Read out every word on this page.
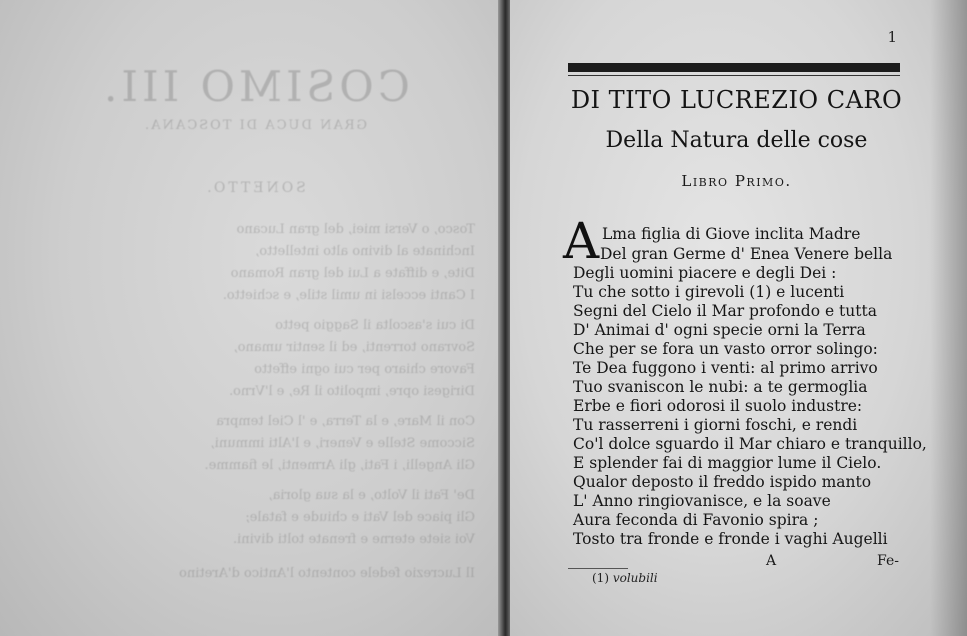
COSIMO III.
GRAN DUCA DI TOSCANA.
SONETTO.
Tosco, o Versi miei, del gran Lucano
Inchinate al divino alto intelletto,
Dite, e diffate a Lui del gran Romano
I Canti eccelsi in umil stile, e schietto.
Di cui s'ascolta il Saggio petto
Sovrano torrenti, ed il sentir umano,
Favore chiaro per cui ogni effetto
Dirigesi opre, impolito il Re, e l'Vrno.
Con il Mare, e la Terra, e 'l Ciel tempra
Siccome Stelle e Veneri, e l'Alti immuni,
Gli Angelli, i Fati, gli Armenti, le fiamme.
De' Fati il Volto, e la sua gloria,
Gli piace del Vati e chiude e fatale;
Voi siete eterne e frenate tolti divini.
Il Lucrezio fedele contento l'Antico d'Aretino
1
DI TITO LUCREZIO CARO
Della Natura delle cose
Libro Primo.
A Lma figlia di Giove inclita Madre
Del gran Germe d' Enea Venere bella
Degli uomini piacere e degli Dei :
Tu che sotto i girevoli (1) e lucenti
Segni del Cielo il Mar profondo e tutta
D' Animai d' ogni specie orni la Terra
Che per se fora un vasto orror solingo:
Te Dea fuggono i venti: al primo arrivo
Tuo svaniscon le nubi: a te germoglia
Erbe e fiori odorosi il suolo industre:
Tu rasserreni i giorni foschi, e rendi
Co'l dolce sguardo il Mar chiaro e tranquillo,
E splender fai di maggior lume il Cielo.
Qualor deposto il freddo ispido manto
L' Anno ringiovanisce, e la soave
Aura feconda di Favonio spira ;
Tosto tra fronde e fronde i vaghi Augelli
A	Fe-
(1) volubili
